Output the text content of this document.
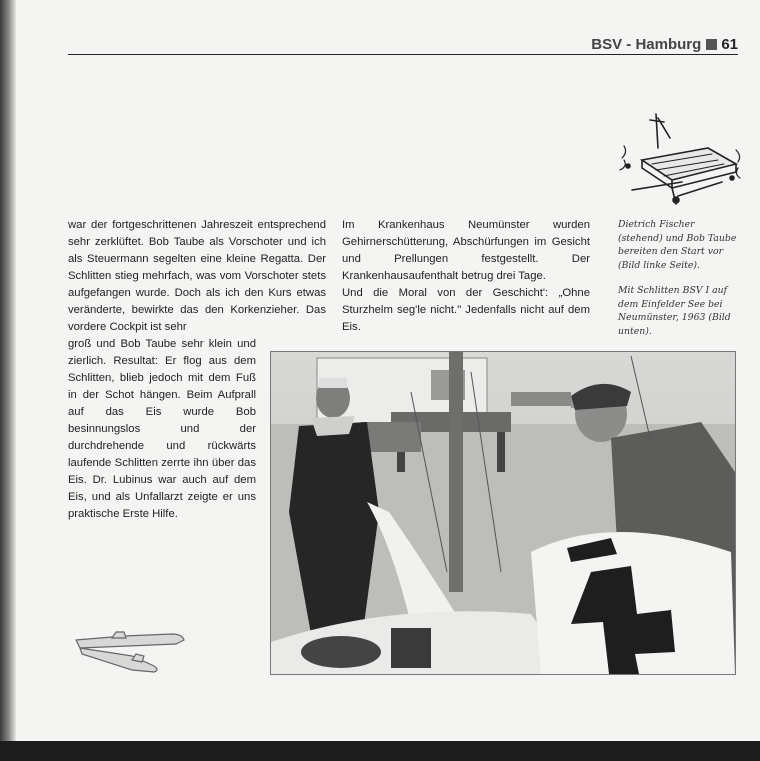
BSV - Hamburg 61
war der fortgeschrittenen Jahreszeit entsprechend sehr zerklüftet. Bob Taube als Vorschoter und ich als Steuermann segelten eine kleine Regatta. Der Schlitten stieg mehrfach, was vom Vorschoter stets aufgefangen wurde. Doch als ich den Kurs etwas veränderte, bewirkte das den Korkenzieher. Das vordere Cockpit ist sehr
groß und Bob Taube sehr klein und zierlich. Resultat: Er flog aus dem Schlitten, blieb jedoch mit dem Fuß in der Schot hängen. Beim Aufprall auf das Eis wurde Bob besinnungslos und der durchdrehende und rückwärts laufende Schlitten zerrte ihn über das Eis. Dr. Lubinus war auch auf dem Eis, und als Unfallarzt zeigte er uns praktische Erste Hilfe.

Im Krankenhaus Neumünster wurden Gehirnerschütterung, Abschürfungen im Gesicht und Prellungen festgestellt. Der Krankenhausaufenthalt betrug drei Tage.

Und die Moral von der Geschicht': „Ohne Sturzhelm seg'le nicht." Jedenfalls nicht auf dem Eis.

Dietrich Fischer (stehend) und Bob Taube bereiten den Start vor (Bild linke Seite).

Mit Schlitten BSV I auf dem Einfelder See bei Neumünster, 1963 (Bild unten).
